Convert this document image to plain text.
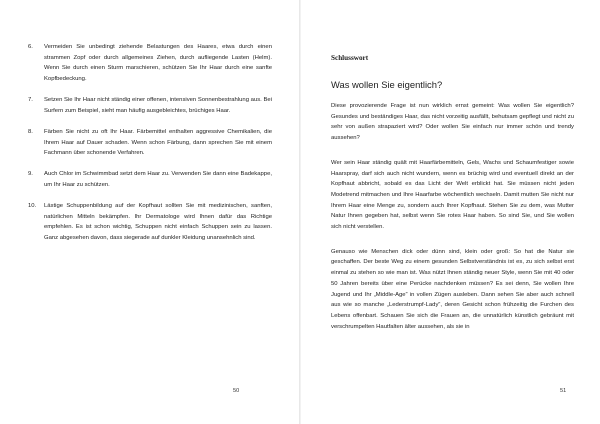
6.	Vermeiden Sie unbedingt ziehende Belastungen des Haares, etwa durch einen strammen Zopf oder durch allgemeines Ziehen, durch aufliegende Lasten (Helm). Wenn Sie durch einen Sturm marschieren, schützen Sie Ihr Haar durch eine sanfte Kopfbedeckung.
7.	Setzen Sie Ihr Haar nicht ständig einer offenen, intensiven Sonnenbestrahlung aus. Bei Surfern zum Beispiel, sieht man häufig ausgebleichtes, brüchiges Haar.
8.	Färben Sie nicht zu oft Ihr Haar. Färbemittel enthalten aggressive Chemikalien, die Ihrem Haar auf Dauer schaden. Wenn schon Färbung, dann sprechen Sie mit einem Fachmann über schonende Verfahren.
9.	Auch Chlor im Schwimmbad setzt dem Haar zu. Verwenden Sie dann eine Badekappe, um Ihr Haar zu schützen.
10.	Lästige Schuppenbildung auf der Kopfhaut sollten Sie mit medizinischen, sanften, natürlichen Mitteln bekämpfen. Ihr Dermatologe wird Ihnen dafür das Richtige empfehlen. Es ist schon wichtig, Schuppen nicht einfach Schuppen sein zu lassen. Ganz abgesehen davon, dass siegerade auf dunkler Kleidung unansehnlich sind.
50
Schlusswort
Was wollen Sie eigentlich?

Diese provozierende Frage ist nun wirklich ernst gemeint: Was wollen Sie eigentlich? Gesundes und beständiges Haar, das nicht vorzeitig ausfällt, behutsam gepflegt und nicht zu sehr von außen strapaziert wird? Oder wollen Sie einfach nur immer schön und trendy aussehen?

Wer sein Haar ständig quält mit Haarfärbemitteln, Gels, Wachs und Schaumfestiger sowie Haarspray, darf sich auch nicht wundern, wenn es brüchig wird und eventuell direkt an der Kopfhaut abbricht, sobald es das Licht der Welt erblickt hat. Sie müssen nicht jeden Modetrend mitmachen und Ihre Haarfarbe wöchentlich wechseln. Damit mutten Sie nicht nur Ihrem Haar eine Menge zu, sondern auch Ihrer Kopfhaut. Stehen Sie zu dem, was Mutter Natur Ihnen gegeben hat, selbst wenn Sie rotes Haar haben. So sind Sie, und Sie wollen sich nicht verstellen.

Genauso wie Menschen dick oder dünn sind, klein oder groß: So hat die Natur sie geschaffen. Der beste Weg zu einem gesunden Selbstverständnis ist es, zu sich selbst erst einmal zu stehen so wie man ist. Was nützt Ihnen ständig neuer Style, wenn Sie mit 40 oder 50 Jahren bereits über eine Perücke nachdenken müssen? Es sei denn, Sie wollen Ihre Jugend und Ihr „Middle-Age“ in vollen Zügen ausleben. Dann sehen Sie aber auch schnell aus wie so manche „Lederstrumpf-Lady“, deren Gesicht schon frühzeitig die Furchen des Lebens offenbart. Schauen Sie sich die Frauen an, die unnatürlich künstlich gebräunt mit verschrumpelten Hautfalten älter aussehen, als sie in

51
